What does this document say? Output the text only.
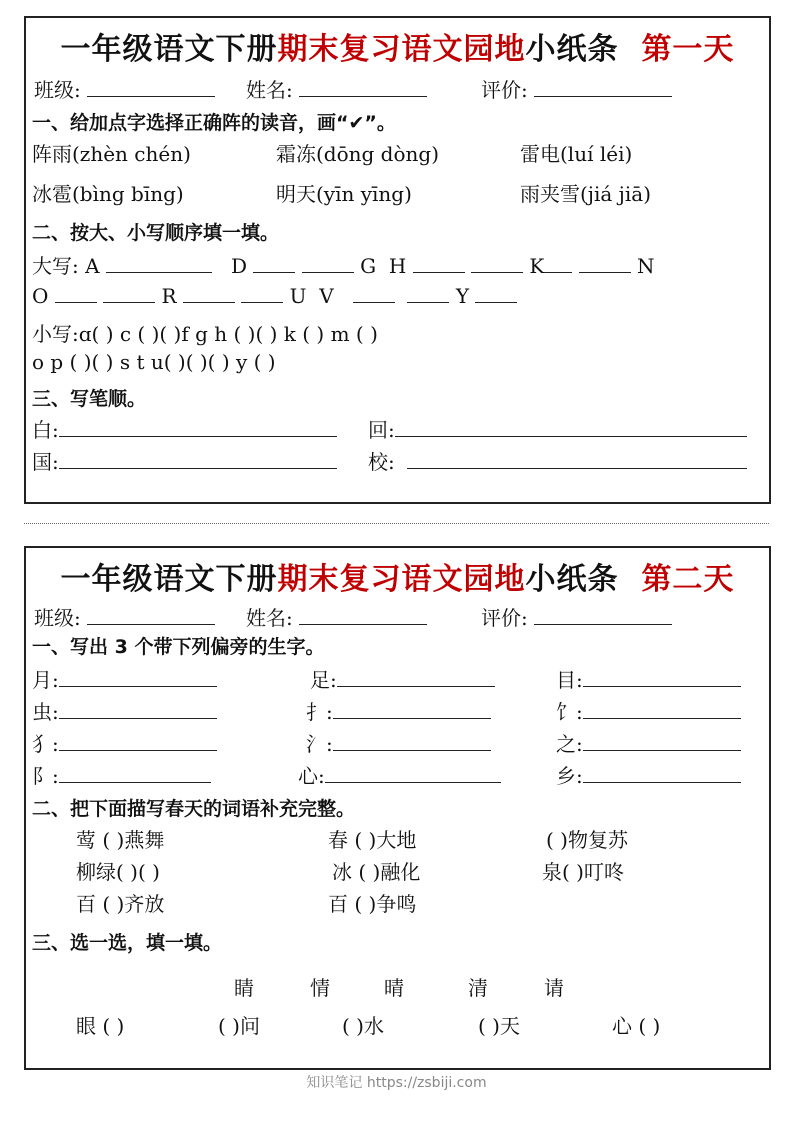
一年级语文下册期末复习语文园地小纸条 第一天
班级:	姓名:	评价:
一、给加点字选择正确阵的读音，画“✔”。
阵雨(zhèn chén)	霜冻(dōng dòng)	雷电(luí léi)
冰雹(bìng bīng)	明天(yīn yīng)	雨夹雪(jiá jiā)
二、按大、小写顺序填一填。
大写: A	D	G H	K	N
O	R	U V	Y
小写:ɑ( ) c ( )( )f g h ( )( ) k ( ) m ( )
o p ( )( ) s t u( )( )( ) y ( )
三、写笔顺。
白:	回:
国:	校:
一年级语文下册期末复习语文园地小纸条 第二天
班级:	姓名:	评价:
一、写出 3 个带下列偏旁的生字。
月:	足:	目:
虫:	扌:	饣:
犭:	氵:	之:
阝:	心:	乡:
二、把下面描写春天的词语补充完整。
莺 ( )燕舞	春 ( )大地	( )物复苏
柳绿( )( )	冰 ( )融化	泉( )叮咚
百 ( )齐放	百 ( )争鸣
三、选一选，填一填。
睛	情	晴	清	请
眼 ( )	( )问	( )水	( )天	心 ( )
知识笔记 https://zsbiji.com
